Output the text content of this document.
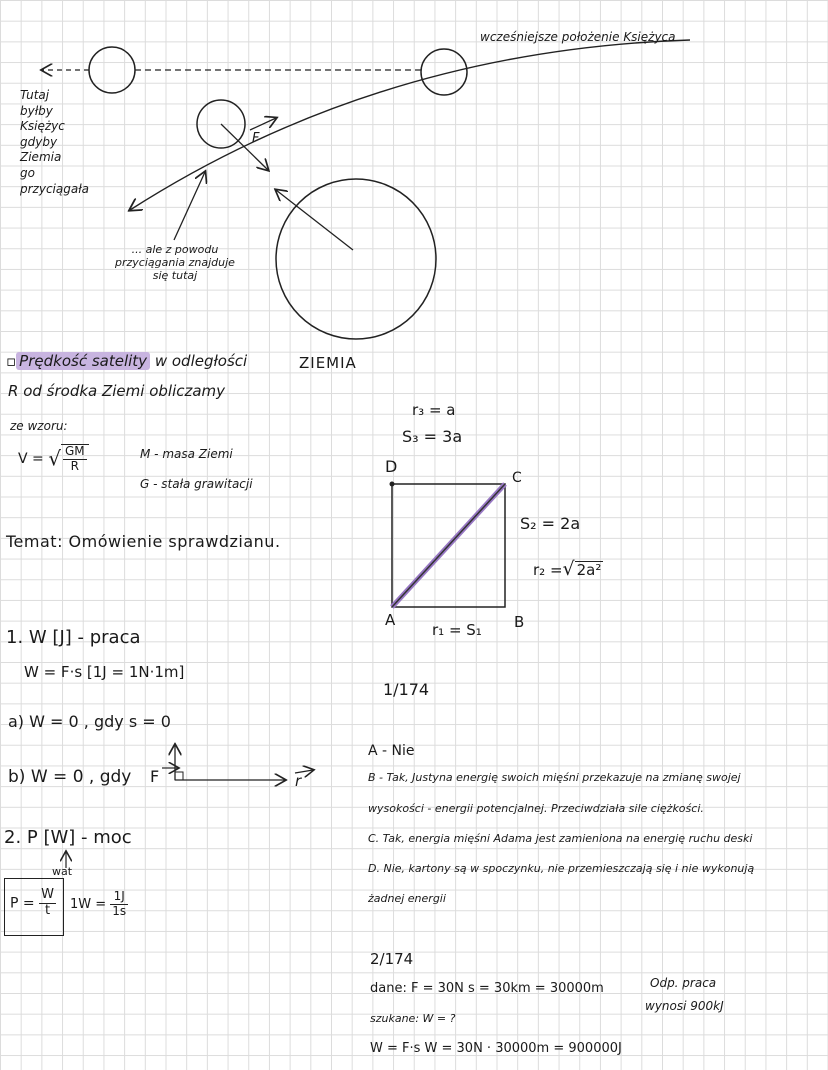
wcześniejsze położenie Księżyca
Tutaj
byłby
Księżyc
gdyby
Ziemia
go
przyciągała
... ale z powodu
przyciągania znajduje
się tutaj
F
ZIEMIA
▫ Prędkość satelity w odległości
R od środka Ziemi obliczamy
ze wzoru:
V = √ $\frac{GM}{R}$	M - masa Ziemi
G - stała grawitacji
Temat: Omówienie sprawdzianu.
1. W [J] - praca
W = F·s [1J = 1N·1m]
a) W = 0 , gdy s = 0
b) W = 0 , gdy F	r
2. P [W] - moc
wat
$P = \frac{W}{t} 1W = \frac{1J}{1s}$
r₃ = a
S₃ = 3a
D
C
A	B
S₂ = 2a
r₂ =√ 2a²
r₁ = S₁
1/174
A - Nie
B - Tak, Justyna energię swoich mięśni przekazuje na zmianę swojej
wysokości - energii potencjalnej. Przeciwdziała sile ciężkości.
C. Tak, energia mięśni Adama jest zamieniona na energię ruchu deski
D. Nie, kartony są w spoczynku, nie przemieszczają się i nie wykonują
żadnej energii
2/174
dane: F = 30N s = 30km = 30000m
szukane: W = ?
W = F·s W = 30N · 30000m = 900000J
Odp. praca
wynosi 900kJ
